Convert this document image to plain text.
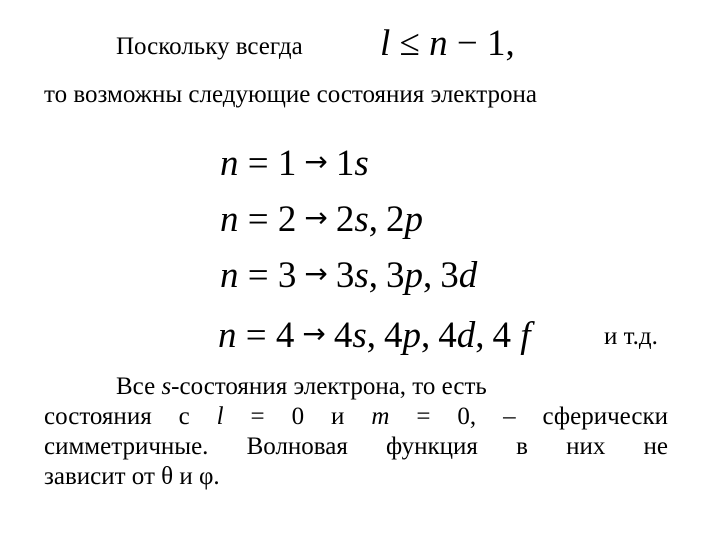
Поскольку всегда l ≤ n − 1,
то возможны следующие состояния электрона
n = 1 → 1s
n = 2 → 2s, 2p
n = 3 → 3s, 3p, 3d
n = 4 → 4s, 4p, 4d, 4 f	и т.д.
Все s-состояния электрона, то есть
состояния с l = 0 и m = 0, – сферически
симметричные. Волновая функция в них не
зависит от θ и φ.
